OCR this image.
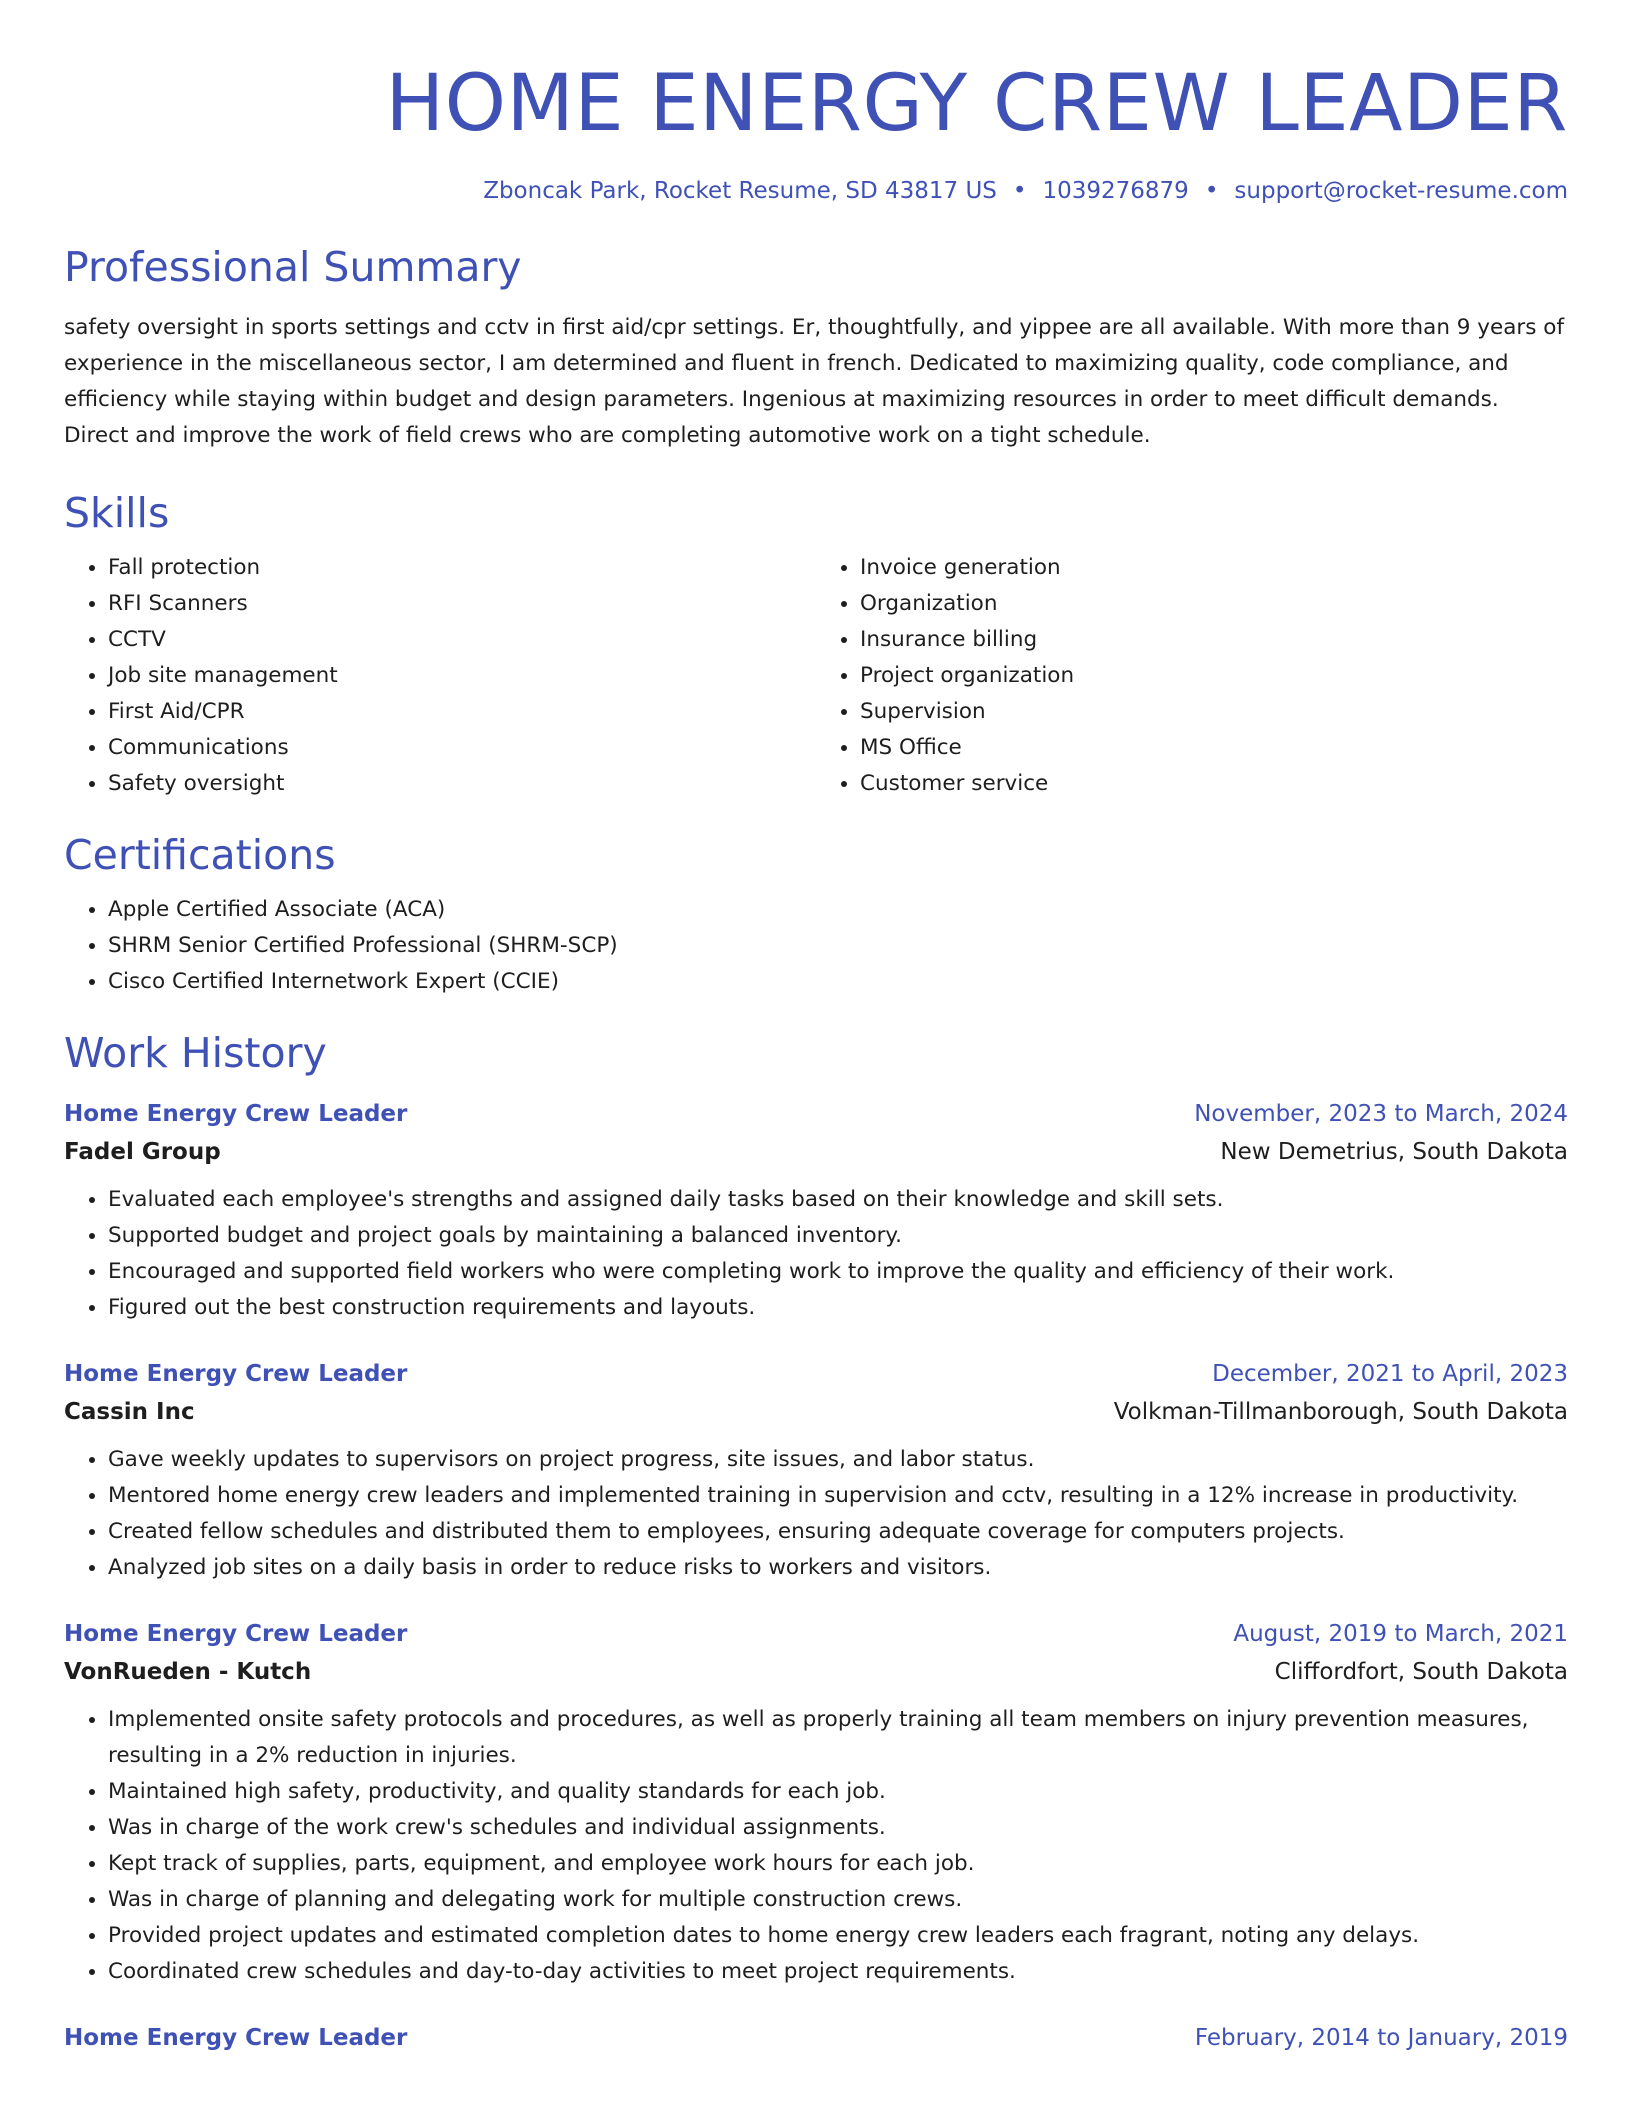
HOME ENERGY CREW LEADER
Zboncak Park, Rocket Resume, SD 43817 US • 1039276879 • support@rocket-resume.com
Professional Summary
safety oversight in sports settings and cctv in first aid/cpr settings. Er, thoughtfully, and yippee are all available. With more than 9 years of experience in the miscellaneous sector, I am determined and fluent in french. Dedicated to maximizing quality, code compliance, and efficiency while staying within budget and design parameters. Ingenious at maximizing resources in order to meet difficult demands. Direct and improve the work of field crews who are completing automotive work on a tight schedule.
Skills
• Fall protection
• RFI Scanners
• CCTV
• Job site management
• First Aid/CPR
• Communications
• Safety oversight
• Invoice generation
• Organization
• Insurance billing
• Project organization
• Supervision
• MS Office
• Customer service
Certifications
• Apple Certified Associate (ACA)
• SHRM Senior Certified Professional (SHRM-SCP)
• Cisco Certified Internetwork Expert (CCIE)
Work History
Home Energy Crew Leader	November, 2023 to March, 2024
Fadel Group	New Demetrius, South Dakota
• Evaluated each employee's strengths and assigned daily tasks based on their knowledge and skill sets.
• Supported budget and project goals by maintaining a balanced inventory.
• Encouraged and supported field workers who were completing work to improve the quality and efficiency of their work.
• Figured out the best construction requirements and layouts.
Home Energy Crew Leader	December, 2021 to April, 2023
Cassin Inc	Volkman-Tillmanborough, South Dakota
• Gave weekly updates to supervisors on project progress, site issues, and labor status.
• Mentored home energy crew leaders and implemented training in supervision and cctv, resulting in a 12% increase in productivity.
• Created fellow schedules and distributed them to employees, ensuring adequate coverage for computers projects.
• Analyzed job sites on a daily basis in order to reduce risks to workers and visitors.
Home Energy Crew Leader	August, 2019 to March, 2021
VonRueden - Kutch	Cliffordfort, South Dakota
• Implemented onsite safety protocols and procedures, as well as properly training all team members on injury prevention measures, resulting in a 2% reduction in injuries.
• Maintained high safety, productivity, and quality standards for each job.
• Was in charge of the work crew's schedules and individual assignments.
• Kept track of supplies, parts, equipment, and employee work hours for each job.
• Was in charge of planning and delegating work for multiple construction crews.
• Provided project updates and estimated completion dates to home energy crew leaders each fragrant, noting any delays.
• Coordinated crew schedules and day-to-day activities to meet project requirements.
Home Energy Crew Leader	February, 2014 to January, 2019
